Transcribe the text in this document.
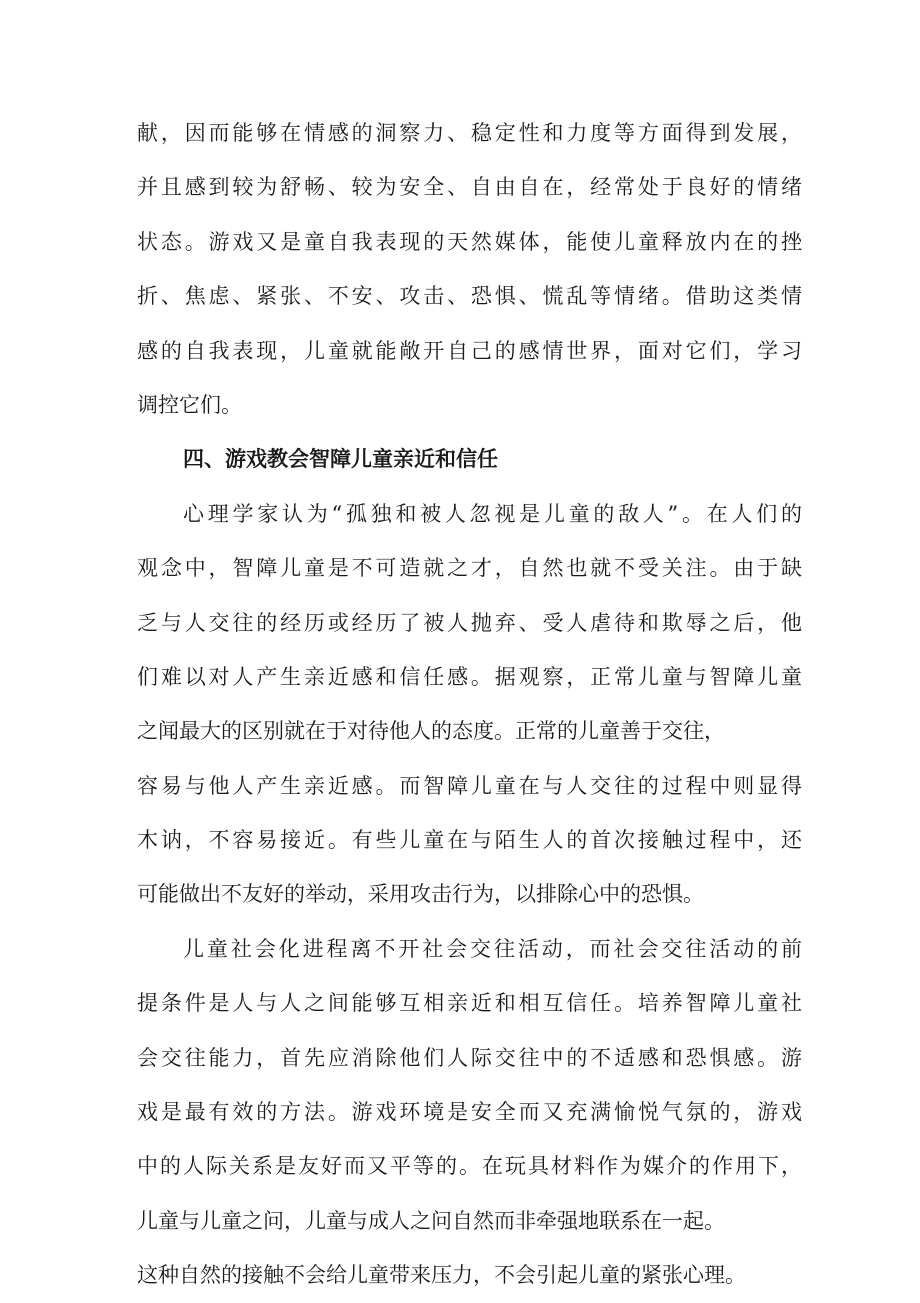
献，因而能够在情感的洞察力、稳定性和力度等方面得到发展，
并且感到较为舒畅、较为安全、自由自在，经常处于良好的情绪
状态。游戏又是童自我表现的天然媒体，能使儿童释放内在的挫
折、焦虑、紧张、不安、攻击、恐惧、慌乱等情绪。借助这类情
感的自我表现，儿童就能敞开自己的感情世界，面对它们，学习
调控它们。
四、游戏教会智障儿童亲近和信任
心理学家认为“孤独和被人忽视是儿童的敌人”。在人们的
观念中，智障儿童是不可造就之才，自然也就不受关注。由于缺
乏与人交往的经历或经历了被人抛弃、受人虐待和欺辱之后，他
们难以对人产生亲近感和信任感。据观察，正常儿童与智障儿童
之闻最大的区别就在于对待他人的态度。正常的儿童善于交往，
容易与他人产生亲近感。而智障儿童在与人交往的过程中则显得
木讷，不容易接近。有些儿童在与陌生人的首次接触过程中，还
可能做出不友好的举动，采用攻击行为，以排除心中的恐惧。
儿童社会化进程离不开社会交往活动，而社会交往活动的前
提条件是人与人之间能够互相亲近和相互信任。培养智障儿童社
会交往能力，首先应消除他们人际交往中的不适感和恐惧感。游
戏是最有效的方法。游戏环境是安全而又充满愉悦气氛的，游戏
中的人际关系是友好而又平等的。在玩具材料作为媒介的作用下，
儿童与儿童之问，儿童与成人之问自然而非牵强地联系在一起。
这种自然的接触不会给儿童带来压力，不会引起儿童的紧张心理。
